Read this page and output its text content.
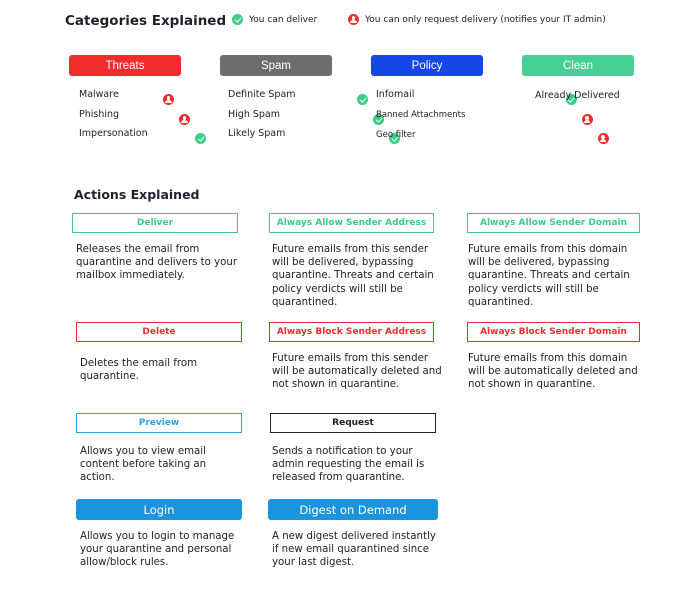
Categories Explained	You can deliver	You can only request delivery (notifies your IT admin)
Threats
Malware

Phishing

Impersonation

Spam
Definite Spam

High Spam

Likely Spam

Policy
Infomail

Banned Attachments

Geo filter
Clean
Already Delivered
Actions Explained
Deliver
Releases the email from quarantine and delivers to your mailbox immediately.
Always Allow Sender Address
Future emails from this sender will be delivered, bypassing quarantine. Threats and certain policy verdicts will still be quarantined.
Always Allow Sender Domain
Future emails from this domain will be delivered, bypassing quarantine. Threats and certain policy verdicts will still be quarantined.
Delete
Deletes the email from quarantine.
Always Block Sender Address
Future emails from this sender will be automatically deleted and not shown in quarantine.
Always Block Sender Domain
Future emails from this domain will be automatically deleted and not shown in quarantine.
Preview
Allows you to view email content before taking an action.
Request
Sends a notification to your admin requesting the email is released from quarantine.
Login
Allows you to login to manage your quarantine and personal allow/block rules.
Digest on Demand
A new digest delivered instantly if new email quarantined since your last digest.
